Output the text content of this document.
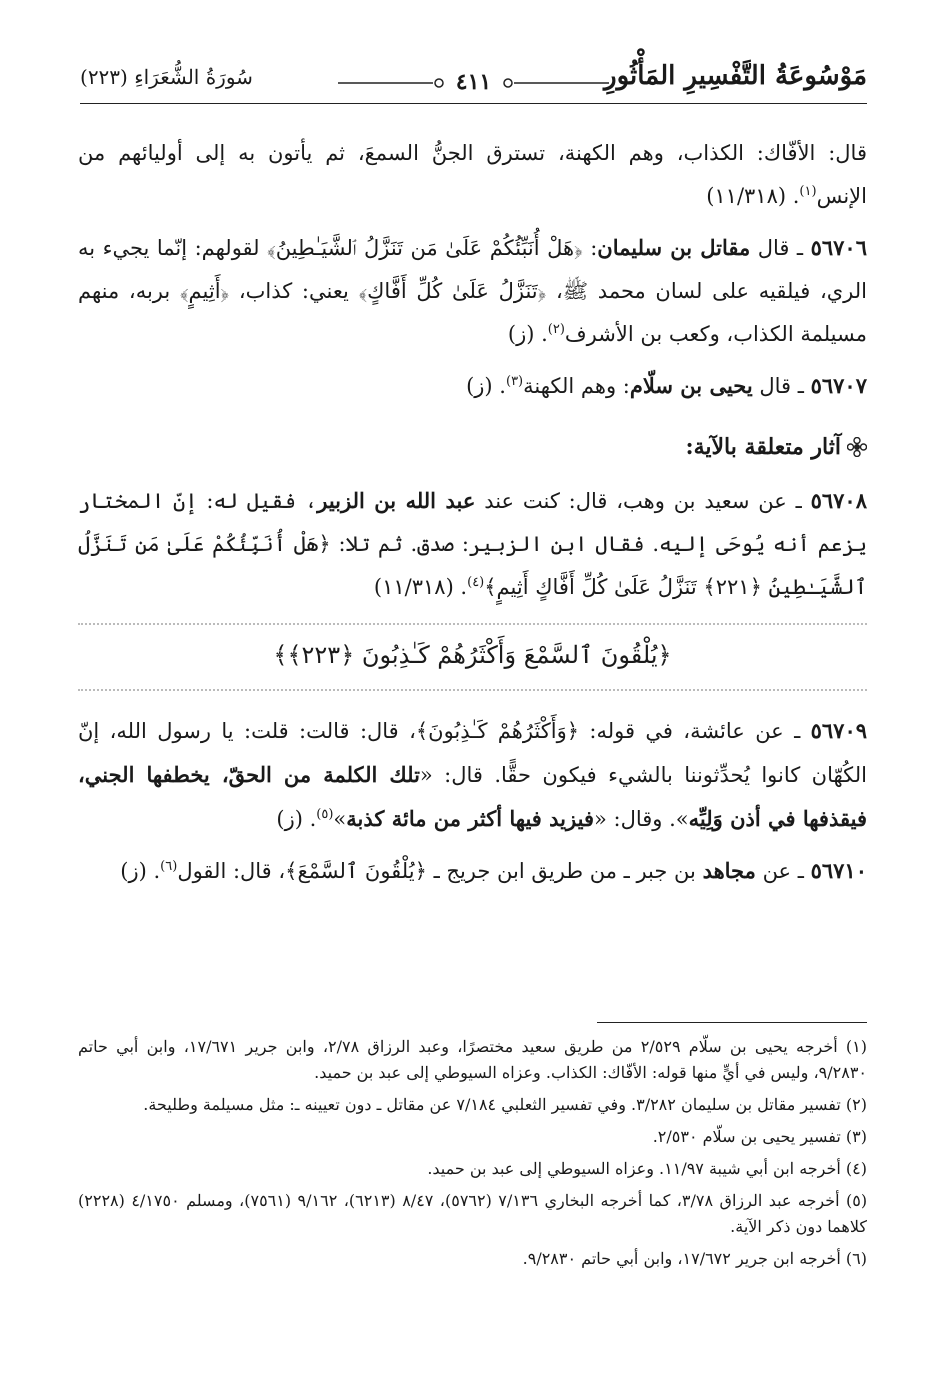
مَوْسُوعَةُ التَّفْسِيرِ المَأْثُورِ
٤١١
سُورَةُ الشُّعَرَاءِ (٢٢٣)

قال: الأفّاك: الكذاب، وهم الكهنة، تسترق الجنُّ السمعَ، ثم يأتون به إلى أوليائهم من الإنس$^{(١)}$. (١١/٣١٨)

٥٦٧٠٦ ـ قال مقاتل بن سليمان: ﴿هَلْ أُنَبِّئُكُمْ عَلَىٰ مَن تَنَزَّلُ ٱلشَّيَـٰطِينُ﴾ لقولهم: إنّما يجيء به الري، فيلقيه على لسان محمد ﷺ، ﴿تَنَزَّلُ عَلَىٰ كُلِّ أَفَّاكٍ﴾ يعني: كذاب، ﴿أَثِيمٍ﴾ بربه، منهم مسيلمة الكذاب، وكعب بن الأشرف$^{(٢)}$. (ز)

٥٦٧٠٧ ـ قال يحيى بن سلّام: وهم الكهنة$^{(٣)}$. (ز)

آثار متعلقة بالآية:

٥٦٧٠٨ ـ عن سعيد بن وهب، قال: كنت عند عبد الله بن الزبير، فقيل له: إنّ المختار يزعم أنه يُوحَى إليه. فقال ابن الزبير: صدق. ثم تلا: ﴿هَلْ أُنَبِّئُكُمْ عَلَىٰ مَن تَنَزَّلُ ٱلشَّيَـٰطِينُ ﴿٢٢١﴾ تَنَزَّلُ عَلَىٰ كُلِّ أَفَّاكٍ أَثِيمٍ﴾$^{(٤)}$. (١١/٣١٨)

﴿يُلْقُونَ ٱلسَّمْعَ وَأَكْثَرُهُمْ كَـٰذِبُونَ ﴿٢٢٣﴾﴾

٥٦٧٠٩ ـ عن عائشة، في قوله: ﴿وَأَكْثَرُهُمْ كَـٰذِبُونَ﴾، قال: قالت: قلت: يا رسول الله، إنّ الكُهّان كانوا يُحدِّثوننا بالشيء فيكون حقًّا. قال: «تلك الكلمة من الحقّ، يخطفها الجني، فيقذفها في أذن وَلِيِّه». وقال: «فيزيد فيها أكثر من مائة كذبة»$^{(٥)}$. (ز)

٥٦٧١٠ ـ عن مجاهد بن جبر ـ من طريق ابن جريج ـ ﴿يُلْقُونَ ٱلسَّمْعَ﴾، قال: القول$^{(٦)}$. (ز)

(١) أخرجه يحيى بن سلّام ٢/٥٢٩ من طريق سعيد مختصرًا، وعبد الرزاق ٢/٧٨، وابن جرير ١٧/٦٧١، وابن أبي حاتم ٩/٢٨٣٠، وليس في أيٍّ منها قوله: الأفّاك: الكذاب. وعزاه السيوطي إلى عبد بن حميد.

(٢) تفسير مقاتل بن سليمان ٣/٢٨٢. وفي تفسير الثعلبي ٧/١٨٤ عن مقاتل ـ دون تعيينه ـ: مثل مسيلمة وطليحة.

(٣) تفسير يحيى بن سلّام ٢/٥٣٠.

(٤) أخرجه ابن أبي شيبة ١١/٩٧. وعزاه السيوطي إلى عبد بن حميد.

(٥) أخرجه عبد الرزاق ٣/٧٨، كما أخرجه البخاري ٧/١٣٦ (٥٧٦٢)، ٨/٤٧ (٦٢١٣)، ٩/١٦٢ (٧٥٦١)، ومسلم ٤/١٧٥٠ (٢٢٢٨) كلاهما دون ذكر الآية.

(٦) أخرجه ابن جرير ١٧/٦٧٢، وابن أبي حاتم ٩/٢٨٣٠.
